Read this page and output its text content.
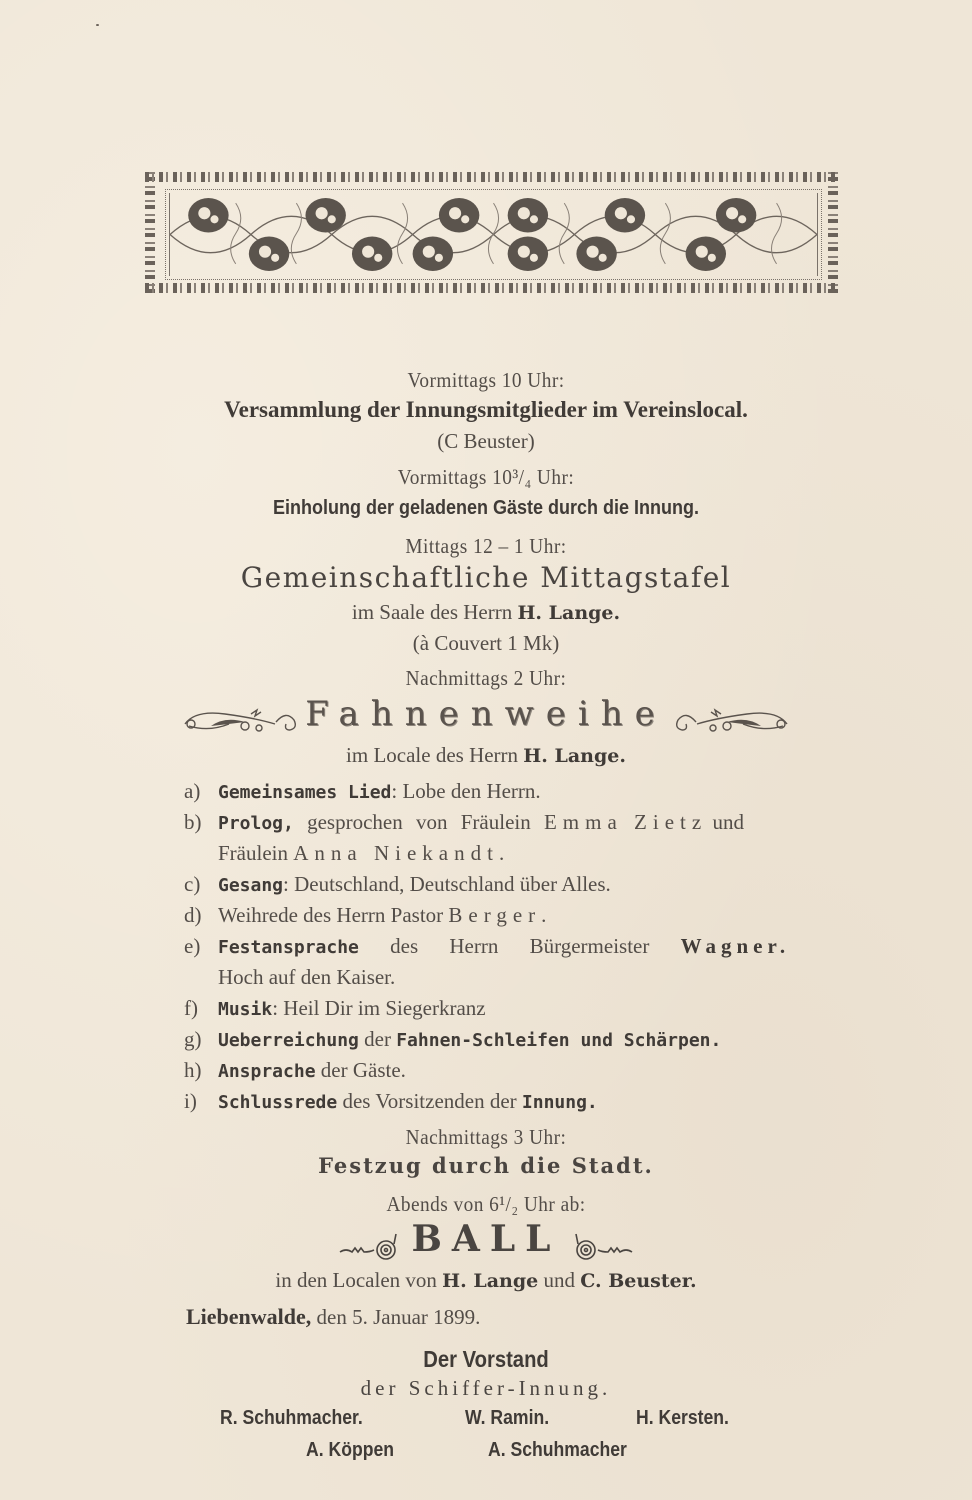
Vormittags 10 Uhr:
Versammlung der Innungsmitglieder im Vereinslocal.
(C Beuster)
Vormittags 10³/₄ Uhr:
Einholung der geladenen Gäste durch die Innung.
Mittags 12 – 1 Uhr:
Gemeinschaftliche Mittagstafel
im Saale des Herrn H. Lange.
(à Couvert 1 Mk)
Nachmittags 2 Uhr:
Fahnenweihe
im Locale des Herrn H. Lange.
a) Gemeinsames Lied: Lobe den Herrn.
b) Prolog, gesprochen von Fräulein Emma Zietz und
Fräulein Anna Niekandt.
c) Gesang: Deutschland, Deutschland über Alles.
d) Weihrede des Herrn Pastor Berger.
e) Festansprache des Herrn Bürgermeister Wagner.
Hoch auf den Kaiser.
f) Musik: Heil Dir im Siegerkranz
g) Ueberreichung der Fahnen-Schleifen und Schärpen.
h) Ansprache der Gäste.
i) Schlussrede des Vorsitzenden der Innung.
Nachmittags 3 Uhr:
Festzug durch die Stadt.
Abends von 6¹/₂ Uhr ab:
BALL
in den Localen von H. Lange und C. Beuster.
Liebenwalde, den 5. Januar 1899.
Der Vorstand
der Schiffer-Innung.
R. Schuhmacher.	W. Ramin.	H. Kersten.
A. Köppen	A. Schuhmacher
